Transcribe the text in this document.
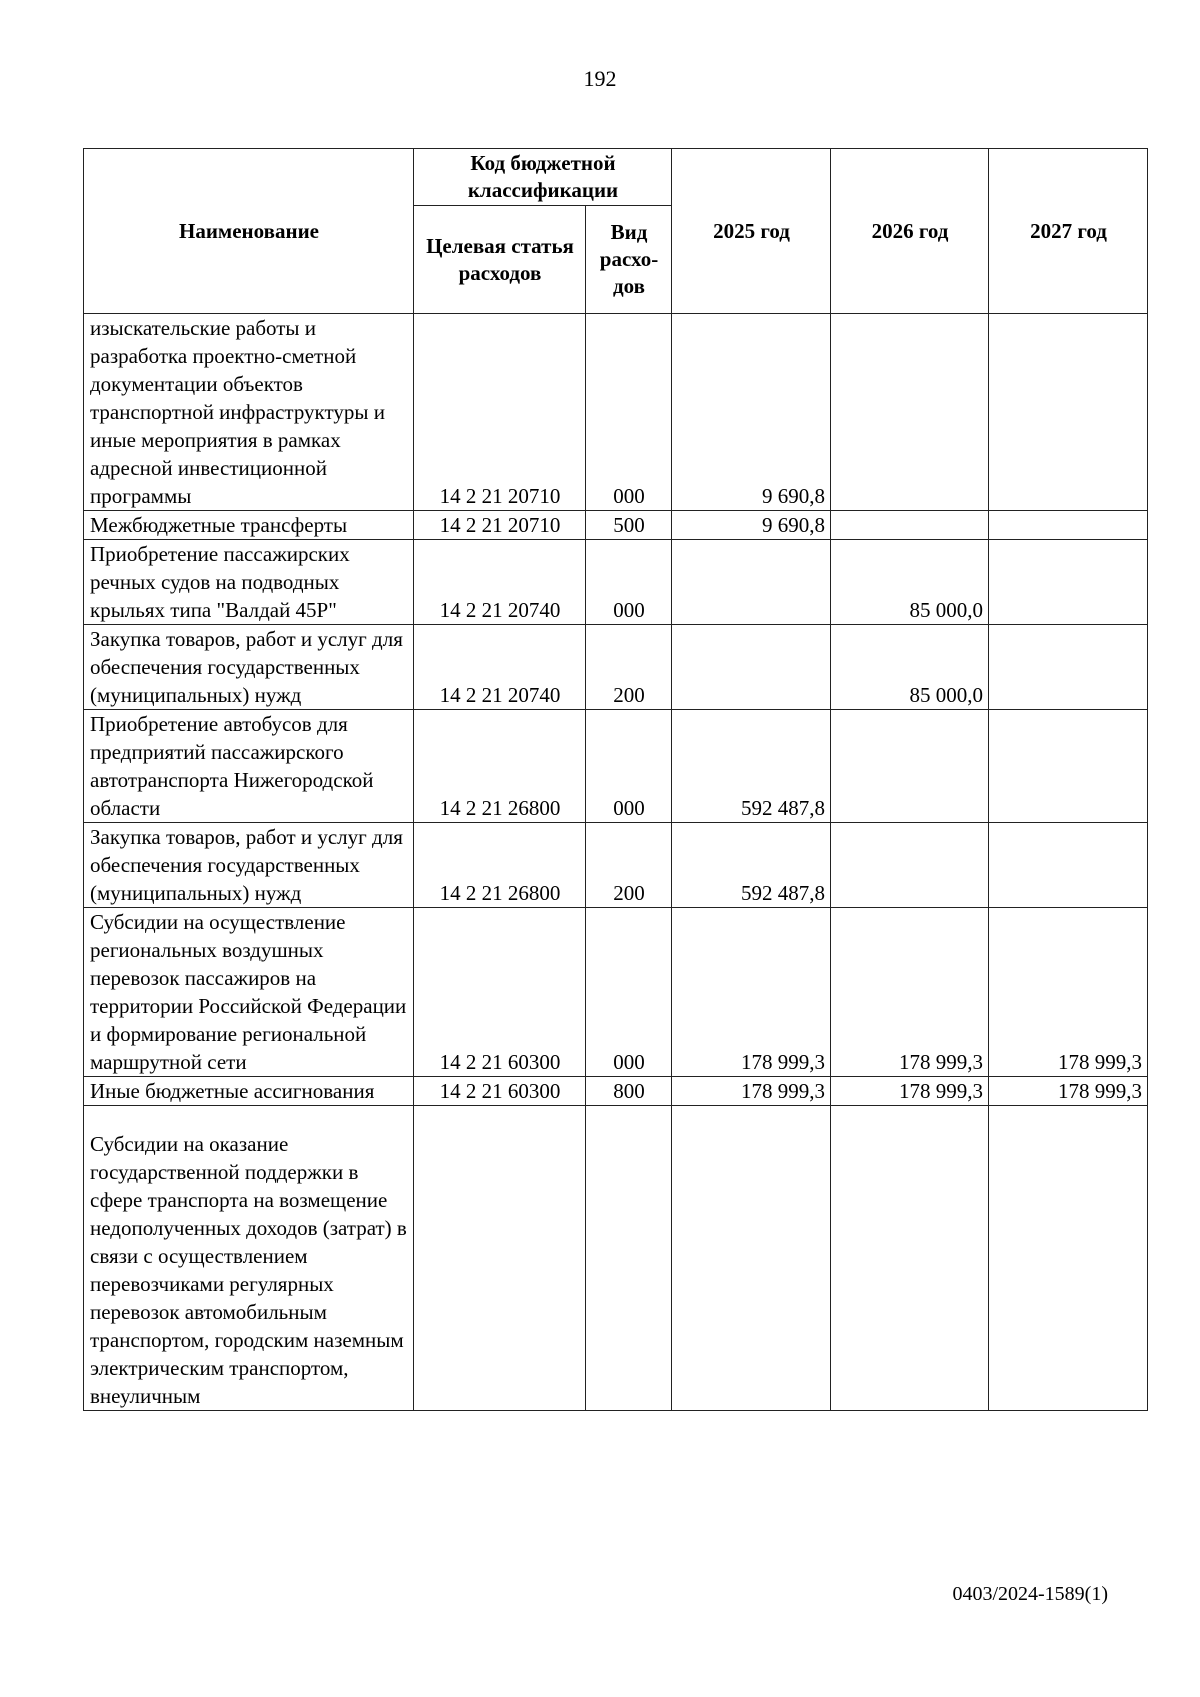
192
Наименование	Код бюджетной классификации		2025 год	2026 год	2027 год
	Целевая статья расходов	Вид расхо-дов			
изыскательские работы и разработка проектно-сметной документации объектов транспортной инфраструктуры и иные мероприятия в рамках адресной инвестиционной программы	14 2 21 20710	000	9 690,8		
Межбюджетные трансферты	14 2 21 20710	500	9 690,8		
Приобретение пассажирских речных судов на подводных крыльях типа "Валдай 45Р"	14 2 21 20740	000		85 000,0	
Закупка товаров, работ и услуг для обеспечения государственных (муниципальных) нужд	14 2 21 20740	200		85 000,0	
Приобретение автобусов для предприятий пассажирского автотранспорта Нижегородской области	14 2 21 26800	000	592 487,8		
Закупка товаров, работ и услуг для обеспечения государственных (муниципальных) нужд	14 2 21 26800	200	592 487,8		
Субсидии на осуществление региональных воздушных перевозок пассажиров на территории Российской Федерации и формирование региональной маршрутной сети	14 2 21 60300	000	178 999,3	178 999,3	178 999,3
Иные бюджетные ассигнования	14 2 21 60300	800	178 999,3	178 999,3	178 999,3
Субсидии на оказание государственной поддержки в сфере транспорта на возмещение недополученных доходов (затрат) в связи с осуществлением перевозчиками регулярных перевозок автомобильным транспортом, городским наземным электрическим транспортом, внеуличным					
0403/2024-1589(1)
